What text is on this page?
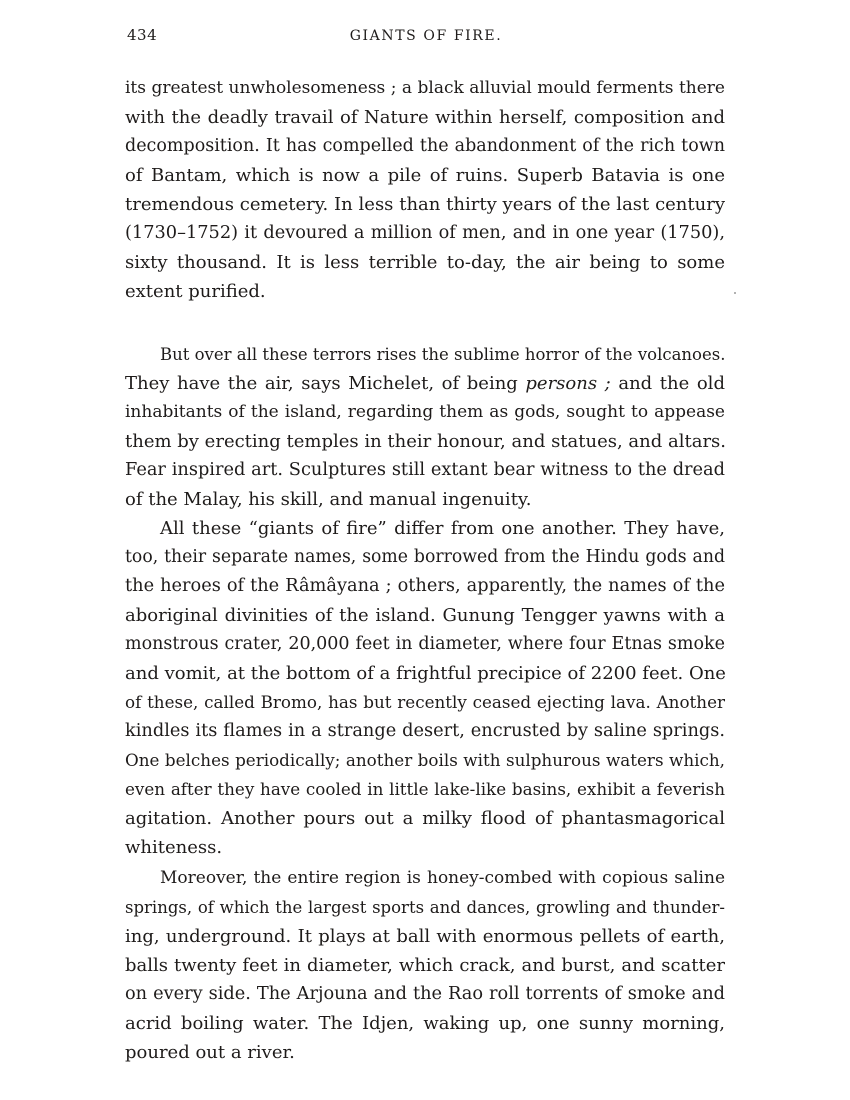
434	GIANTS OF FIRE.
its greatest unwholesomeness ; a black alluvial mould ferments there
with the deadly travail of Nature within herself, composition and
decomposition. It has compelled the abandonment of the rich town
of Bantam, which is now a pile of ruins. Superb Batavia is one
tremendous cemetery. In less than thirty years of the last century
(1730–1752) it devoured a million of men, and in one year (1750),
sixty thousand. It is less terrible to-day, the air being to some
extent purified.
But over all these terrors rises the sublime horror of the volcanoes.
They have the air, says Michelet, of being persons ; and the old
inhabitants of the island, regarding them as gods, sought to appease
them by erecting temples in their honour, and statues, and altars.
Fear inspired art. Sculptures still extant bear witness to the dread
of the Malay, his skill, and manual ingenuity.
All these “giants of fire” differ from one another. They have,
too, their separate names, some borrowed from the Hindu gods and
the heroes of the Râmâyana ; others, apparently, the names of the
aboriginal divinities of the island. Gunung Tengger yawns with a
monstrous crater, 20,000 feet in diameter, where four Etnas smoke
and vomit, at the bottom of a frightful precipice of 2200 feet. One
of these, called Bromo, has but recently ceased ejecting lava. Another
kindles its flames in a strange desert, encrusted by saline springs.
One belches periodically; another boils with sulphurous waters which,
even after they have cooled in little lake-like basins, exhibit a feverish
agitation. Another pours out a milky flood of phantasmagorical
whiteness.
Moreover, the entire region is honey-combed with copious saline
springs, of which the largest sports and dances, growling and thunder-
ing, underground. It plays at ball with enormous pellets of earth,
balls twenty feet in diameter, which crack, and burst, and scatter
on every side. The Arjouna and the Rao roll torrents of smoke and
acrid boiling water. The Idjen, waking up, one sunny morning,
poured out a river.
